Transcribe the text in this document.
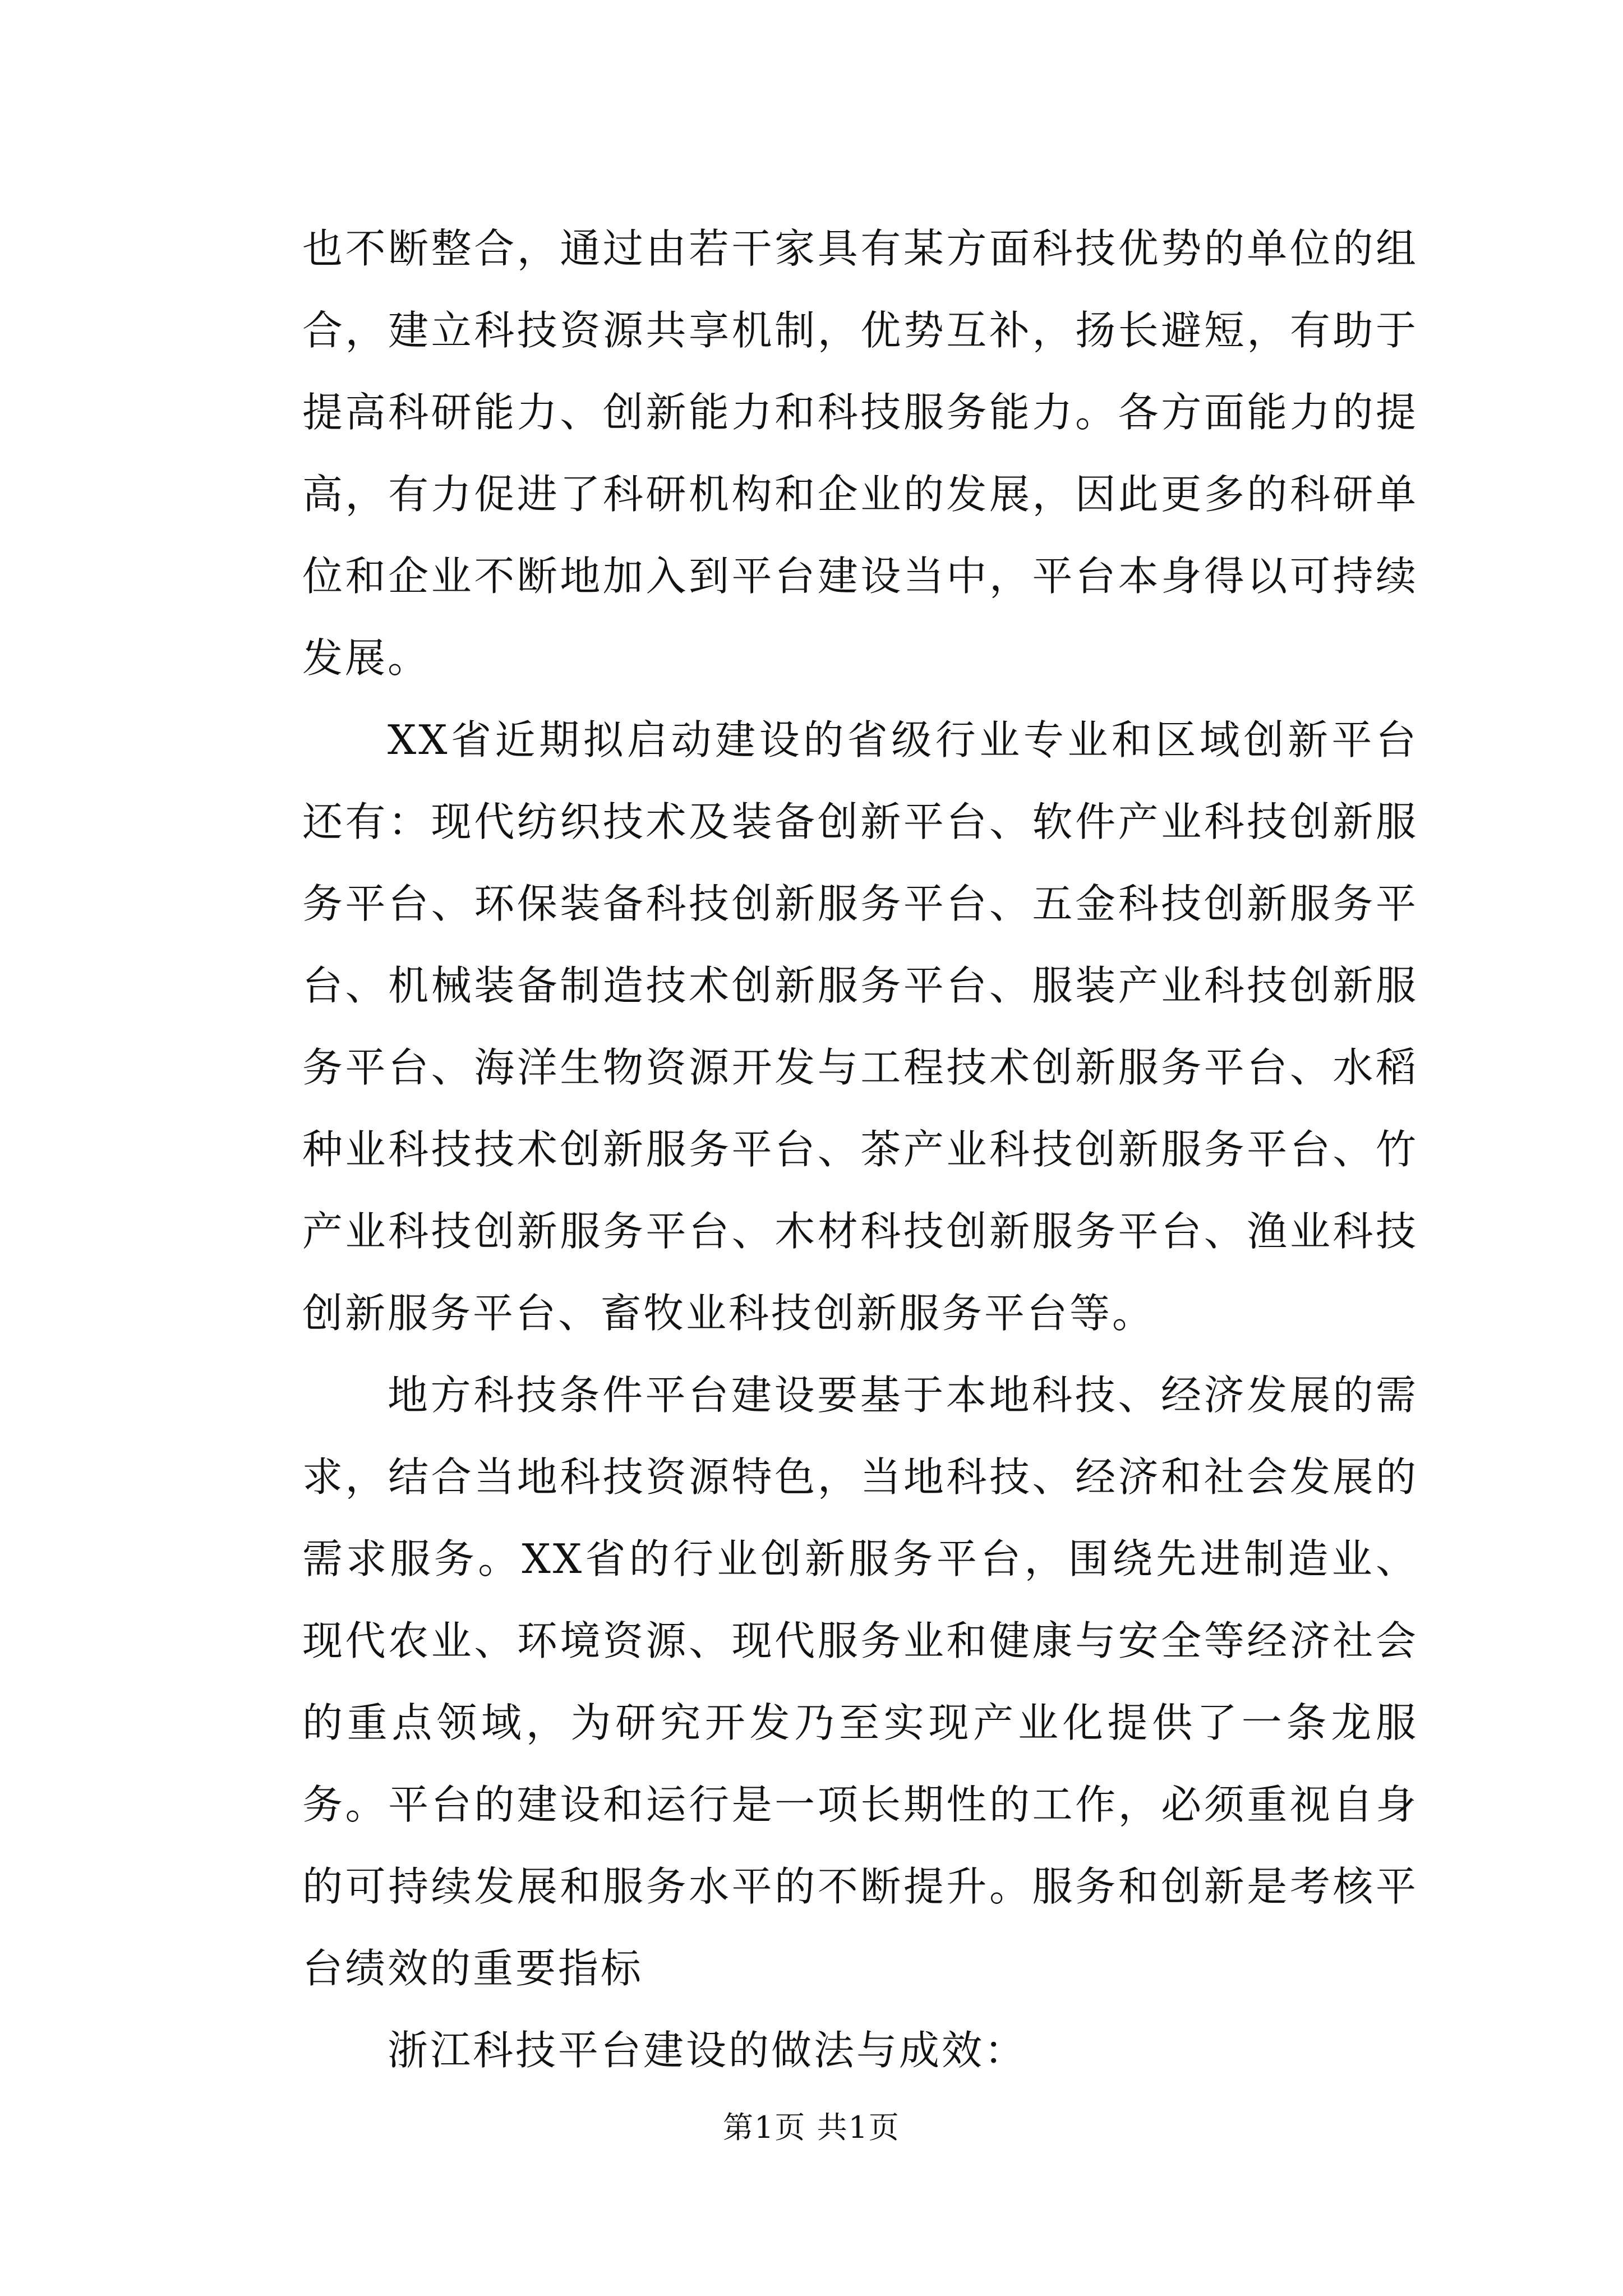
也不断整合，通过由若干家具有某方面科技优势的单位的组合，建立科技资源共享机制，优势互补，扬长避短，有助于提高科研能力、创新能力和科技服务能力。各方面能力的提高，有力促进了科研机构和企业的发展，因此更多的科研单位和企业不断地加入到平台建设当中，平台本身得以可持续发展。

XX省近期拟启动建设的省级行业专业和区域创新平台还有：现代纺织技术及装备创新平台、软件产业科技创新服务平台、环保装备科技创新服务平台、五金科技创新服务平台、机械装备制造技术创新服务平台、服装产业科技创新服务平台、海洋生物资源开发与工程技术创新服务平台、水稻种业科技技术创新服务平台、茶产业科技创新服务平台、竹产业科技创新服务平台、木材科技创新服务平台、渔业科技创新服务平台、畜牧业科技创新服务平台等。

地方科技条件平台建设要基于本地科技、经济发展的需求，结合当地科技资源特色，当地科技、经济和社会发展的需求服务。XX省的行业创新服务平台，围绕先进制造业、现代农业、环境资源、现代服务业和健康与安全等经济社会的重点领域，为研究开发乃至实现产业化提供了一条龙服务。平台的建设和运行是一项长期性的工作，必须重视自身的可持续发展和服务水平的不断提升。服务和创新是考核平台绩效的重要指标

浙江科技平台建设的做法与成效：

第1页 共1页
